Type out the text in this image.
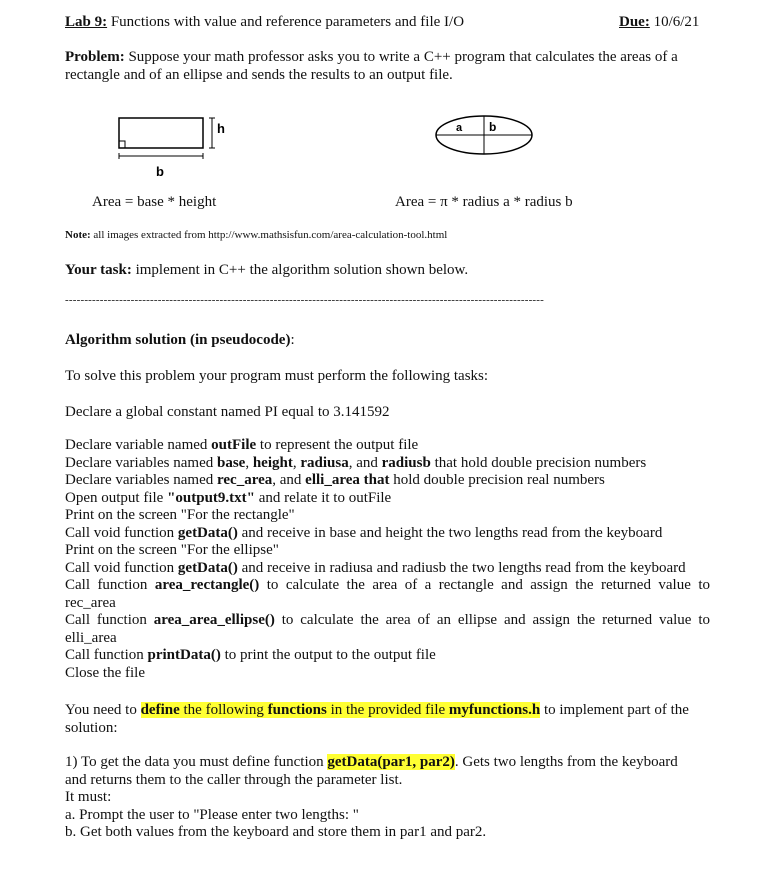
Lab 9: Functions with value and reference parameters and file I/O	Due: 10/6/21
Problem: Suppose your math professor asks you to write a C++ program that calculates the areas of a
rectangle and of an ellipse and sends the results to an output file.
h
b
a b
Area = base * height	Area = π * radius a * radius b
Note: all images extracted from http://www.mathsisfun.com/area-calculation-tool.html
Your task: implement in C++ the algorithm solution shown below.
----------------------------------------------------------------------------------------------------------------------------
Algorithm solution (in pseudocode):
To solve this problem your program must perform the following tasks:
Declare a global constant named PI equal to 3.141592
Declare variable named outFile to represent the output file
Declare variables named base, height, radiusa, and radiusb that hold double precision numbers
Declare variables named rec_area, and elli_area that hold double precision real numbers
Open output file "output9.txt" and relate it to outFile
Print on the screen "For the rectangle"
Call void function getData() and receive in base and height the two lengths read from the keyboard
Print on the screen "For the ellipse"
Call void function getData() and receive in radiusa and radiusb the two lengths read from the keyboard
Call function area_rectangle() to calculate the area of a rectangle and assign the returned value to
rec_area
Call function area_area_ellipse() to calculate the area of an ellipse and assign the returned value to
elli_area
Call function printData() to print the output to the output file
Close the file
You need to define the following functions in the provided file myfunctions.h to implement part of the
solution:
1) To get the data you must define function getData(par1, par2). Gets two lengths from the keyboard
and returns them to the caller through the parameter list.
It must:
a. Prompt the user to "Please enter two lengths: "
b. Get both values from the keyboard and store them in par1 and par2.
